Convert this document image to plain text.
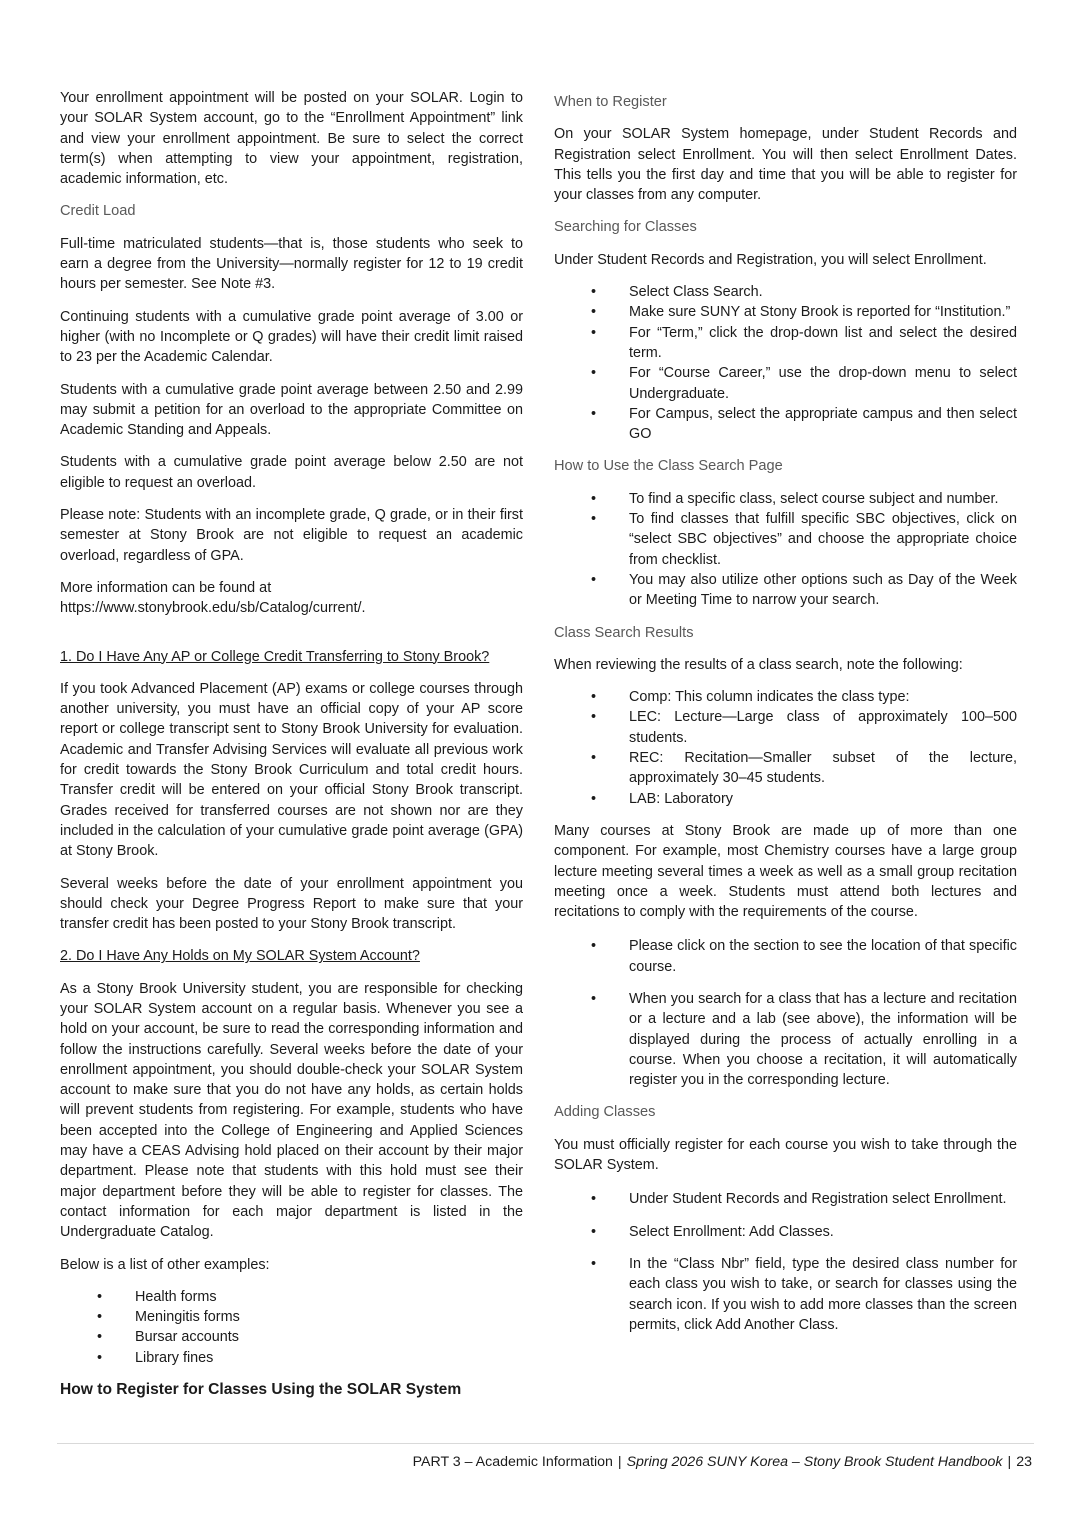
Your enrollment appointment will be posted on your SOLAR. Login to your SOLAR System account, go to the “Enrollment Appointment” link and view your enrollment appointment. Be sure to select the correct term(s) when attempting to view your appointment, registration, academic information, etc.

Credit Load

Full-time matriculated students—that is, those students who seek to earn a degree from the University—normally register for 12 to 19 credit hours per semester. See Note #3.

Continuing students with a cumulative grade point average of 3.00 or higher (with no Incomplete or Q grades) will have their credit limit raised to 23 per the Academic Calendar.

Students with a cumulative grade point average between 2.50 and 2.99 may submit a petition for an overload to the appropriate Committee on Academic Standing and Appeals.

Students with a cumulative grade point average below 2.50 are not eligible to request an overload.

Please note: Students with an incomplete grade, Q grade, or in their first semester at Stony Brook are not eligible to request an academic overload, regardless of GPA.

More information can be found at
https://www.stonybrook.edu/sb/Catalog/current/.

1. Do I Have Any AP or College Credit Transferring to Stony Brook?

If you took Advanced Placement (AP) exams or college courses through another university, you must have an official copy of your AP score report or college transcript sent to Stony Brook University for evaluation. Academic and Transfer Advising Services will evaluate all previous work for credit towards the Stony Brook Curriculum and total credit hours. Transfer credit will be entered on your official Stony Brook transcript. Grades received for transferred courses are not shown nor are they included in the calculation of your cumulative grade point average (GPA) at Stony Brook.

Several weeks before the date of your enrollment appointment you should check your Degree Progress Report to make sure that your transfer credit has been posted to your Stony Brook transcript.

2. Do I Have Any Holds on My SOLAR System Account?

As a Stony Brook University student, you are responsible for checking your SOLAR System account on a regular basis. Whenever you see a hold on your account, be sure to read the corresponding information and follow the instructions carefully. Several weeks before the date of your enrollment appointment, you should double-check your SOLAR System account to make sure that you do not have any holds, as certain holds will prevent students from registering. For example, students who have been accepted into the College of Engineering and Applied Sciences may have a CEAS Advising hold placed on their account by their major department. Please note that students with this hold must see their major department before they will be able to register for classes. The contact information for each major department is listed in the Undergraduate Catalog.

Below is a list of other examples:

• Health forms
• Meningitis forms
• Bursar accounts
• Library fines
How to Register for Classes Using the SOLAR System
When to Register

On your SOLAR System homepage, under Student Records and Registration select Enrollment. You will then select Enrollment Dates. This tells you the first day and time that you will be able to register for your classes from any computer.

Searching for Classes

Under Student Records and Registration, you will select Enrollment.

• Select Class Search.
• Make sure SUNY at Stony Brook is reported for “Institution.”
• For “Term,” click the drop-down list and select the desired term.
• For “Course Career,” use the drop-down menu to select Undergraduate.
• For Campus, select the appropriate campus and then select GO
How to Use the Class Search Page
• To find a specific class, select course subject and number.
• To find classes that fulfill specific SBC objectives, click on “select SBC objectives” and choose the appropriate choice from checklist.
• You may also utilize other options such as Day of the Week or Meeting Time to narrow your search.
Class Search Results

When reviewing the results of a class search, note the following:

• Comp: This column indicates the class type:
• LEC: Lecture—Large class of approximately 100–500 students.
• REC: Recitation—Smaller subset of the lecture, approximately 30–45 students.
• LAB: Laboratory

Many courses at Stony Brook are made up of more than one component. For example, most Chemistry courses have a large group lecture meeting several times a week as well as a small group recitation meeting once a week. Students must attend both lectures and recitations to comply with the requirements of the course.

• Please click on the section to see the location of that specific course.
• When you search for a class that has a lecture and recitation or a lecture and a lab (see above), the information will be displayed during the process of actually enrolling in a course. When you choose a recitation, it will automatically register you in the corresponding lecture.
Adding Classes

You must officially register for each course you wish to take through the SOLAR System.

• Under Student Records and Registration select Enrollment.
• Select Enrollment: Add Classes.
• In the “Class Nbr” field, type the desired class number for each class you wish to take, or search for classes using the search icon. If you wish to add more classes than the screen permits, click Add Another Class.
PART 3 – Academic Information | Spring 2026 SUNY Korea – Stony Brook Student Handbook | 23
